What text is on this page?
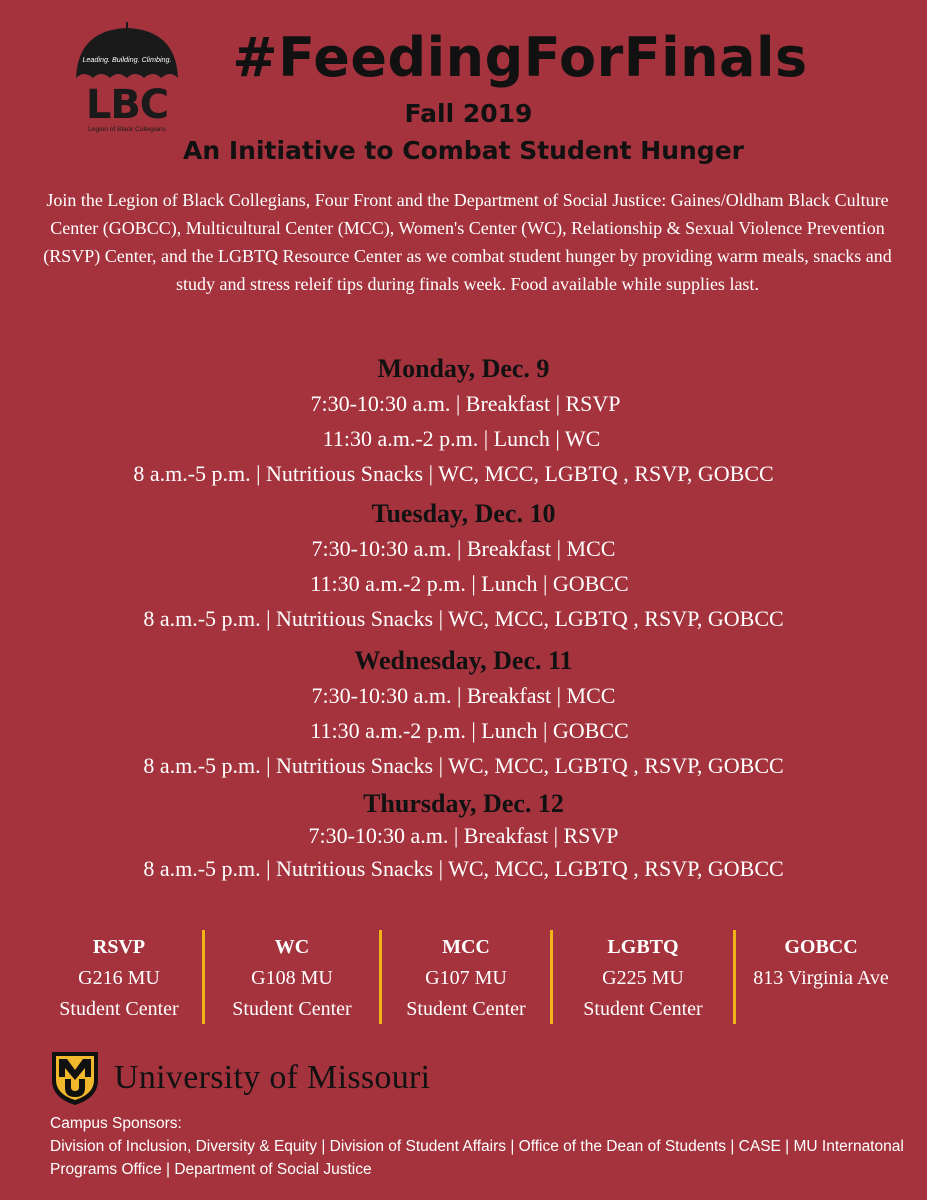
Leading. Building. Climbing.
LBC
Legion of Black Collegians
#FeedingForFinals
Fall 2019
An Initiative to Combat Student Hunger
Join the Legion of Black Collegians, Four Front and the Department of Social Justice: Gaines/Oldham Black Culture Center (GOBCC), Multicultural Center (MCC), Women's Center (WC), Relationship & Sexual Violence Prevention (RSVP) Center, and the LGBTQ Resource Center as we combat student hunger by providing warm meals, snacks and study and stress releif tips during finals week. Food available while supplies last.
Monday, Dec. 9
7:30-10:30 a.m. | Breakfast | RSVP
11:30 a.m.-2 p.m. | Lunch | WC
8 a.m.-5 p.m. | Nutritious Snacks | WC, MCC, LGBTQ , RSVP, GOBCC
Tuesday, Dec. 10
7:30-10:30 a.m. | Breakfast | MCC
11:30 a.m.-2 p.m. | Lunch | GOBCC
8 a.m.-5 p.m. | Nutritious Snacks | WC, MCC, LGBTQ , RSVP, GOBCC
Wednesday, Dec. 11
7:30-10:30 a.m. | Breakfast | MCC
11:30 a.m.-2 p.m. | Lunch | GOBCC
8 a.m.-5 p.m. | Nutritious Snacks | WC, MCC, LGBTQ , RSVP, GOBCC
Thursday, Dec. 12
7:30-10:30 a.m. | Breakfast | RSVP
8 a.m.-5 p.m. | Nutritious Snacks | WC, MCC, LGBTQ , RSVP, GOBCC
RSVP
G216 MU
Student Center
WC
G108 MU
Student Center
MCC
G107 MU
Student Center
LGBTQ
G225 MU
Student Center
GOBCC
813 Virginia Ave
University of Missouri
Campus Sponsors:
Division of Inclusion, Diversity & Equity | Division of Student Affairs | Office of the Dean of Students | CASE | MU Internatonal Programs Office | Department of Social Justice
